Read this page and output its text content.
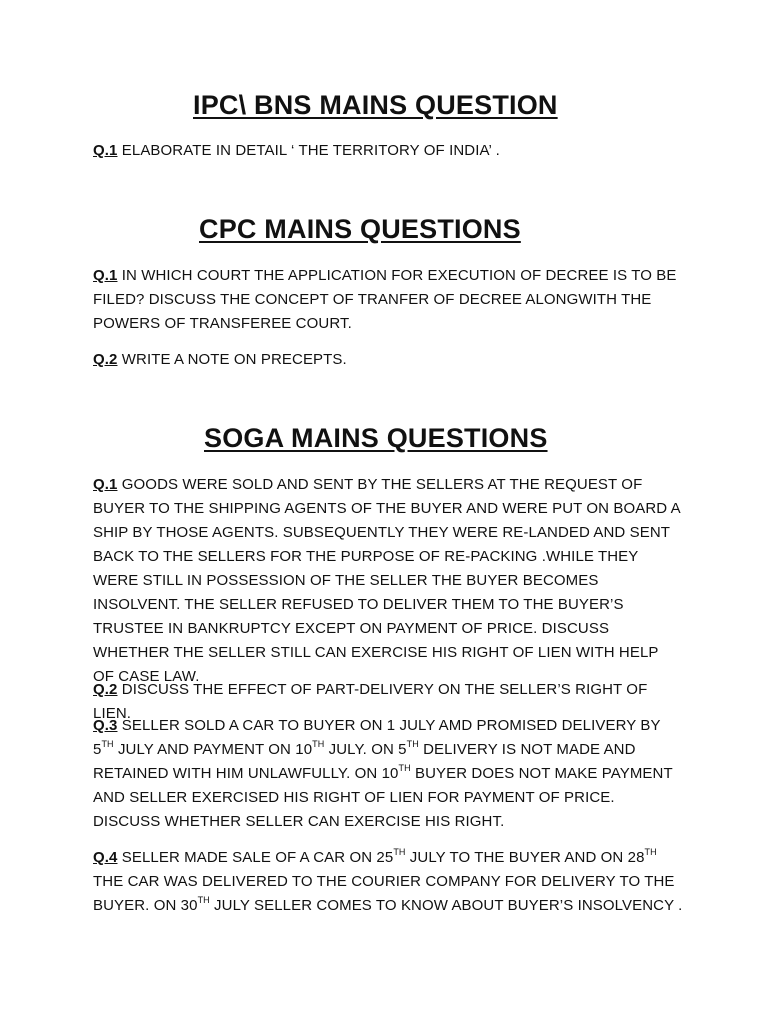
IPC\ BNS MAINS QUESTION

Q.1 ELABORATE IN DETAIL ‘ THE TERRITORY OF INDIA’ .

CPC MAINS QUESTIONS

Q.1 IN WHICH COURT THE APPLICATION FOR EXECUTION OF DECREE IS TO BE FILED? DISCUSS THE CONCEPT OF TRANFER OF DECREE ALONGWITH THE POWERS OF TRANSFEREE COURT.

Q.2 WRITE A NOTE ON PRECEPTS.

SOGA MAINS QUESTIONS

Q.1 GOODS WERE SOLD AND SENT BY THE SELLERS AT THE REQUEST OF BUYER TO THE SHIPPING AGENTS OF THE BUYER AND WERE PUT ON BOARD A SHIP BY THOSE AGENTS. SUBSEQUENTLY THEY WERE RE-LANDED AND SENT BACK TO THE SELLERS FOR THE PURPOSE OF RE-PACKING .WHILE THEY WERE STILL IN POSSESSION OF THE SELLER THE BUYER BECOMES INSOLVENT. THE SELLER REFUSED TO DELIVER THEM TO THE BUYER’S TRUSTEE IN BANKRUPTCY EXCEPT ON PAYMENT OF PRICE. DISCUSS WHETHER THE SELLER STILL CAN EXERCISE HIS RIGHT OF LIEN WITH HELP OF CASE LAW.

Q.2 DISCUSS THE EFFECT OF PART-DELIVERY ON THE SELLER’S RIGHT OF LIEN.

Q.3 SELLER SOLD A CAR TO BUYER ON 1 JULY AMD PROMISED DELIVERY BY 5TH JULY AND PAYMENT ON 10TH JULY. ON 5TH DELIVERY IS NOT MADE AND RETAINED WITH HIM UNLAWFULLY. ON 10TH BUYER DOES NOT MAKE PAYMENT AND SELLER EXERCISED HIS RIGHT OF LIEN FOR PAYMENT OF PRICE. DISCUSS WHETHER SELLER CAN EXERCISE HIS RIGHT.

Q.4 SELLER MADE SALE OF A CAR ON 25TH JULY TO THE BUYER AND ON 28TH THE CAR WAS DELIVERED TO THE COURIER COMPANY FOR DELIVERY TO THE BUYER. ON 30TH JULY SELLER COMES TO KNOW ABOUT BUYER’S INSOLVENCY .
